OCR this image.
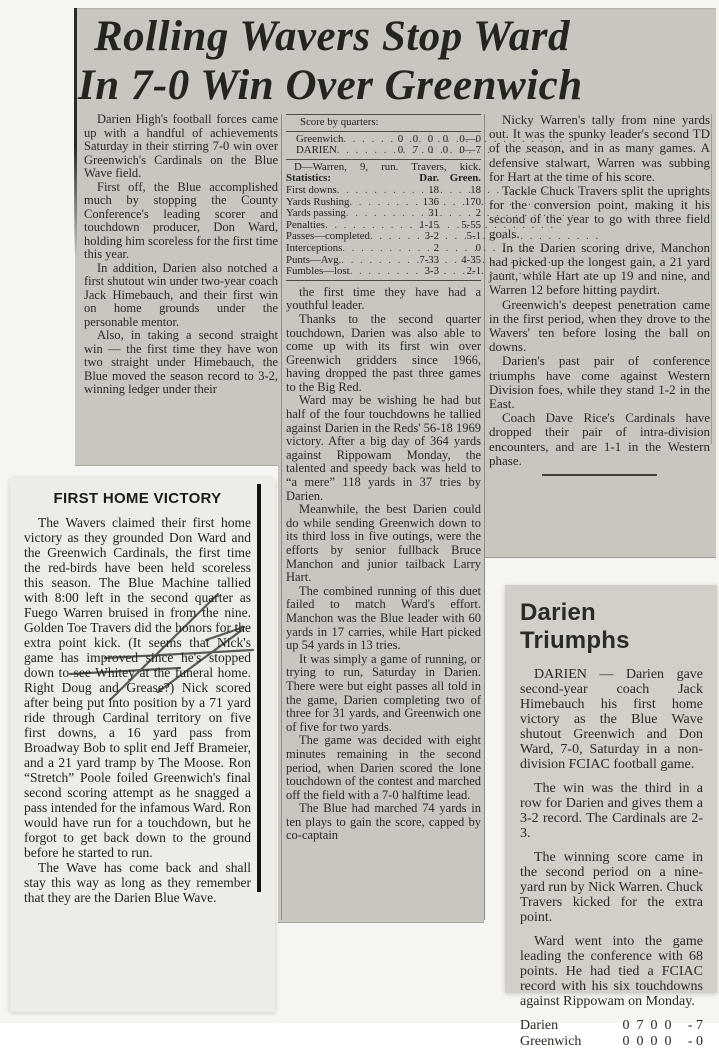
Rolling Wavers Stop Ward
In 7-0 Win Over Greenwich

Darien High's football forces came up with a handful of achievements Saturday in their stirring 7-0 win over Greenwich's Cardinals on the Blue Wave field.

First off, the Blue accomplished much by stopping the County Conference's leading scorer and touchdown producer, Don Ward, holding him scoreless for the first time this year.

In addition, Darien also notched a first shutout win under two-year coach Jack Himebauch, and their first win on home grounds under the personable mentor.

Also, in taking a second straight win — the first time they have won two straight under Himebauch, the Blue moved the season record to 3-2, winning ledger under their

Score by quarters:
Greenwich . . .	0 0 0 0	0—0
DARIEN . . .	0 7 0 0	0—7
D—Warren, 9, run. Travers, kick.
Statistics:	Dar. Green.
First downs . . .	18	18
Yards Rushing . . .	136	170
Yards passing . . .	31	2
Penalties . . .	1-15	5-55
Passes—completed . . .	3-2	5-1
Interceptions . . .	2	0
Punts—Avg. . . .	7-33	4-35
Fumbles—lost . . .	3-3	2-1

the first time they have had a youthful leader.

Thanks to the second quarter touchdown, Darien was also able to come up with its first win over Greenwich gridders since 1966, having dropped the past three games to the Big Red.

Ward may be wishing he had but half of the four touchdowns he tallied against Darien in the Reds' 56-18 1969 victory. After a big day of 364 yards against Rippowam Monday, the talented and speedy back was held to “a mere” 118 yards in 37 tries by Darien.

Meanwhile, the best Darien could do while sending Greenwich down to its third loss in five outings, were the efforts by senior fullback Bruce Manchon and junior tailback Larry Hart.

The combined running of this duet failed to match Ward's effort. Manchon was the Blue leader with 60 yards in 17 carries, while Hart picked up 54 yards in 13 tries.

It was simply a game of running, or trying to run, Saturday in Darien. There were but eight passes all told in the game, Darien completing two of three for 31 yards, and Greenwich one of five for two yards.

The game was decided with eight minutes remaining in the second period, when Darien scored the lone touchdown of the contest and marched off the field with a 7-0 halftime lead.

The Blue had marched 74 yards in ten plays to gain the score, capped by co-captain

Nicky Warren's tally from nine yards out. It was the spunky leader's second TD of the season, and in as many games. A defensive stalwart, Warren was subbing for Hart at the time of his score.

Tackle Chuck Travers split the uprights for the conversion point, making it his second of the year to go with three field goals.

In the Darien scoring drive, Manchon had picked up the longest gain, a 21 yard jaunt, while Hart ate up 19 and nine, and Warren 12 before hitting paydirt.

Greenwich's deepest penetration came in the first period, when they drove to the Wavers' ten before losing the ball on downs.

Darien's past pair of conference triumphs have come against Western Division foes, while they stand 1-2 in the East.

Coach Dave Rice's Cardinals have dropped their pair of intra-division encounters, and are 1-1 in the Western phase.

FIRST HOME VICTORY

The Wavers claimed their first home victory as they grounded Don Ward and the Greenwich Cardinals, the first time the red-birds have been held scoreless this season. The Blue Machine tallied with 8:00 left in the second quarter as Fuego Warren bruised in from the nine. Golden Toe Travers did the honors for the extra point kick. (It seems that Nick's game has improved since he's stopped down to see Whitey at the funeral home. Right Doug and Grease?) Nick scored after being put into position by a 71 yard ride through Cardinal territory on five first downs, a 16 yard pass from Broadway Bob to split end Jeff Brameier, and a 21 yard tramp by The Moose. Ron “Stretch” Poole foiled Greenwich's final second scoring attempt as he snagged a pass intended for the infamous Ward. Ron would have run for a touchdown, but he forgot to get back down to the ground before he started to run.

The Wave has come back and shall stay this way as long as they remember that they are the Darien Blue Wave.

Darien Triumphs

DARIEN — Darien gave second-year coach Jack Himebauch his first home victory as the Blue Wave shutout Greenwich and Don Ward, 7-0, Saturday in a non-division FCIAC football game.

The win was the third in a row for Darien and gives them a 3-2 record. The Cardinals are 2-3.

The winning score came in the second period on a nine-yard run by Nick Warren. Chuck Travers kicked for the extra point.

Ward went into the game leading the conference with 68 points. He had tied a FCIAC record with his six touchdowns against Rippowam on Monday.

Darien	0 7 0 0	- 7
Greenwich	0 0 0 0	- 0
